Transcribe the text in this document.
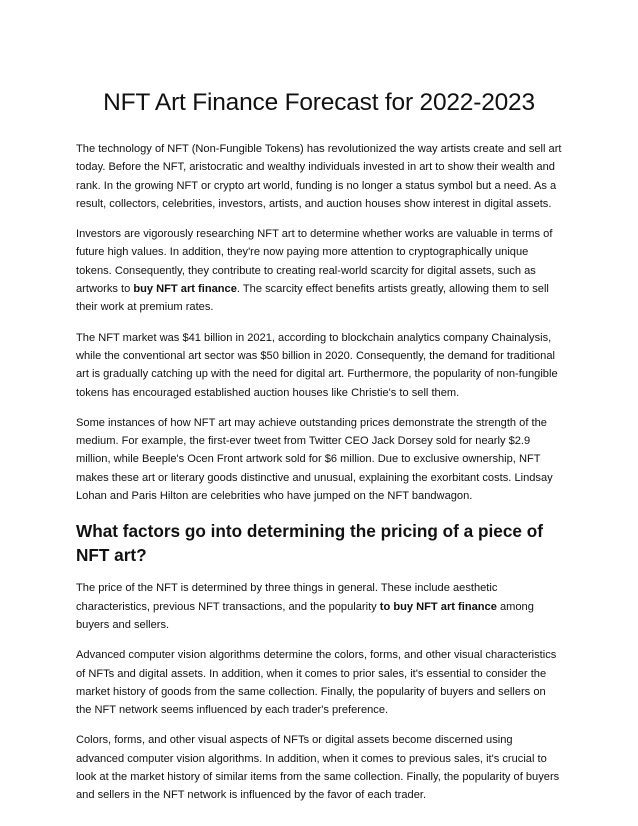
NFT Art Finance Forecast for 2022-2023

The technology of NFT (Non-Fungible Tokens) has revolutionized the way artists create and sell art today. Before the NFT, aristocratic and wealthy individuals invested in art to show their wealth and rank. In the growing NFT or crypto art world, funding is no longer a status symbol but a need. As a result, collectors, celebrities, investors, artists, and auction houses show interest in digital assets.

Investors are vigorously researching NFT art to determine whether works are valuable in terms of future high values. In addition, they're now paying more attention to cryptographically unique tokens. Consequently, they contribute to creating real-world scarcity for digital assets, such as artworks to buy NFT art finance. The scarcity effect benefits artists greatly, allowing them to sell their work at premium rates.

The NFT market was $41 billion in 2021, according to blockchain analytics company Chainalysis, while the conventional art sector was $50 billion in 2020. Consequently, the demand for traditional art is gradually catching up with the need for digital art. Furthermore, the popularity of non-fungible tokens has encouraged established auction houses like Christie's to sell them.

Some instances of how NFT art may achieve outstanding prices demonstrate the strength of the medium. For example, the first-ever tweet from Twitter CEO Jack Dorsey sold for nearly $2.9 million, while Beeple's Ocen Front artwork sold for $6 million. Due to exclusive ownership, NFT makes these art or literary goods distinctive and unusual, explaining the exorbitant costs. Lindsay Lohan and Paris Hilton are celebrities who have jumped on the NFT bandwagon.

What factors go into determining the pricing of a piece of NFT art?

The price of the NFT is determined by three things in general. These include aesthetic characteristics, previous NFT transactions, and the popularity to buy NFT art finance among buyers and sellers.

Advanced computer vision algorithms determine the colors, forms, and other visual characteristics of NFTs and digital assets. In addition, when it comes to prior sales, it's essential to consider the market history of goods from the same collection. Finally, the popularity of buyers and sellers on the NFT network seems influenced by each trader's preference.

Colors, forms, and other visual aspects of NFTs or digital assets become discerned using advanced computer vision algorithms. In addition, when it comes to previous sales, it's crucial to look at the market history of similar items from the same collection. Finally, the popularity of buyers and sellers in the NFT network is influenced by the favor of each trader.
